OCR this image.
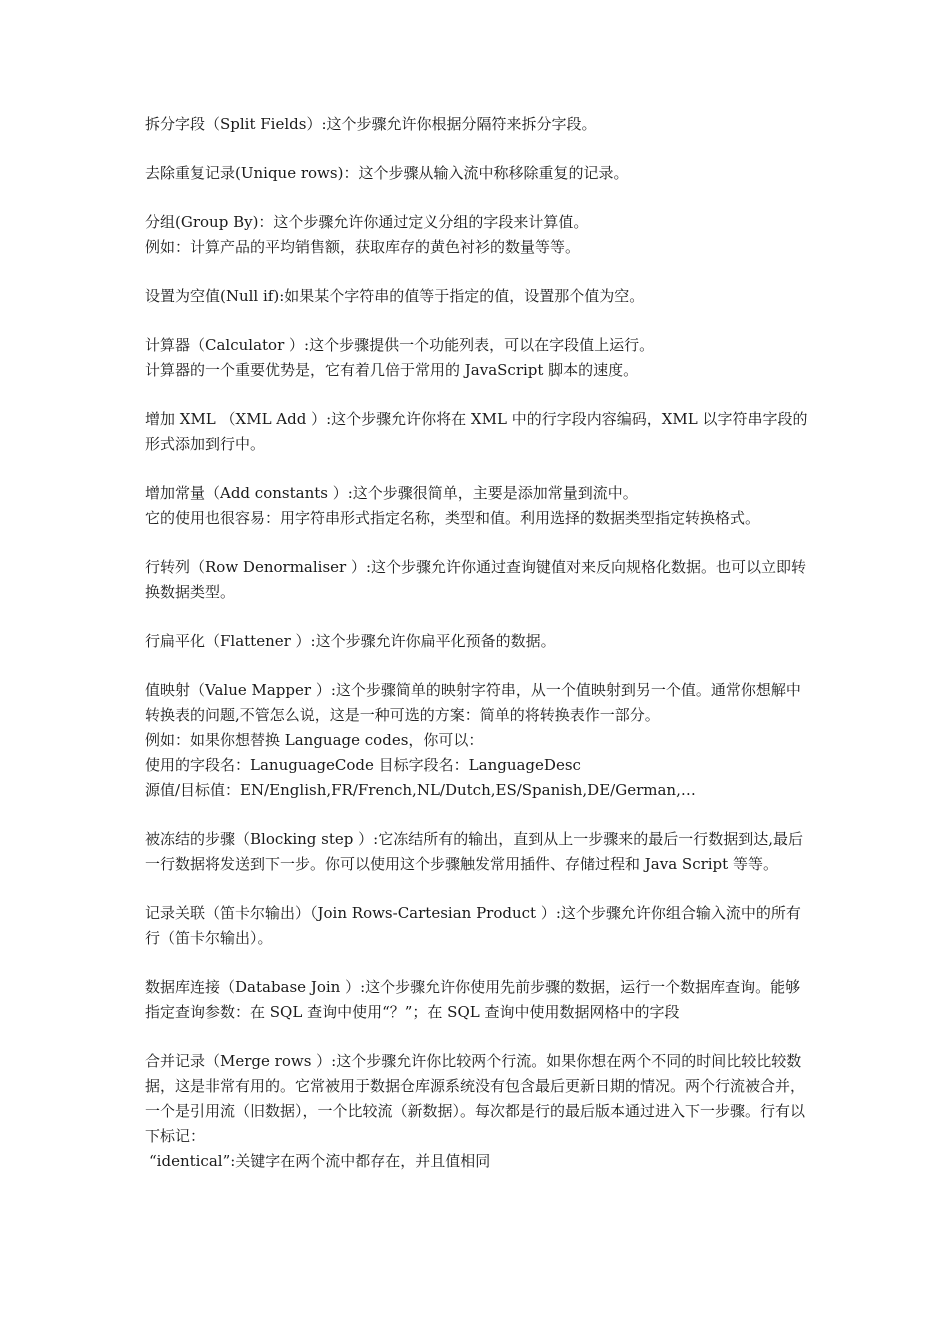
拆分字段（Split Fields）:这个步骤允许你根据分隔符来拆分字段。
去除重复记录(Unique rows)：这个步骤从输入流中称移除重复的记录。
分组(Group By)：这个步骤允许你通过定义分组的字段来计算值。
例如：计算产品的平均销售额，获取库存的黄色衬衫的数量等等。
设置为空值(Null if):如果某个字符串的值等于指定的值，设置那个值为空。
计算器（Calculator ）:这个步骤提供一个功能列表，可以在字段值上运行。
计算器的一个重要优势是，它有着几倍于常用的 JavaScript 脚本的速度。
增加 XML （XML Add ）:这个步骤允许你将在 XML 中的行字段内容编码，XML 以字符串字段的形式添加到行中。
增加常量（Add constants ）:这个步骤很简单，主要是添加常量到流中。
它的使用也很容易：用字符串形式指定名称，类型和值。利用选择的数据类型指定转换格式。
行转列（Row Denormaliser ）:这个步骤允许你通过查询键值对来反向规格化数据。也可以立即转换数据类型。
行扁平化（Flattener ）:这个步骤允许你扁平化预备的数据。
值映射（Value Mapper ）:这个步骤简单的映射字符串，从一个值映射到另一个值。通常你想解中转换表的问题,不管怎么说，这是一种可选的方案：简单的将转换表作一部分。
例如：如果你想替换 Language codes，你可以：
使用的字段名：LanuguageCode 目标字段名：LanguageDesc
源值/目标值：EN/English,FR/French,NL/Dutch,ES/Spanish,DE/German,…
被冻结的步骤（Blocking step ）:它冻结所有的输出，直到从上一步骤来的最后一行数据到达,最后一行数据将发送到下一步。你可以使用这个步骤触发常用插件、存储过程和 Java Script 等等。
记录关联（笛卡尔输出）（Join Rows-Cartesian Product ）:这个步骤允许你组合输入流中的所有行（笛卡尔输出）。
数据库连接（Database Join ）:这个步骤允许你使用先前步骤的数据，运行一个数据库查询。能够指定查询参数：在 SQL 查询中使用“？”；在 SQL 查询中使用数据网格中的字段
合并记录（Merge rows ）:这个步骤允许你比较两个行流。如果你想在两个不同的时间比较比较数据，这是非常有用的。它常被用于数据仓库源系统没有包含最后更新日期的情况。两个行流被合并，一个是引用流（旧数据），一个比较流（新数据）。每次都是行的最后版本通过进入下一步骤。行有以下标记：
“identical”:关键字在两个流中都存在，并且值相同
